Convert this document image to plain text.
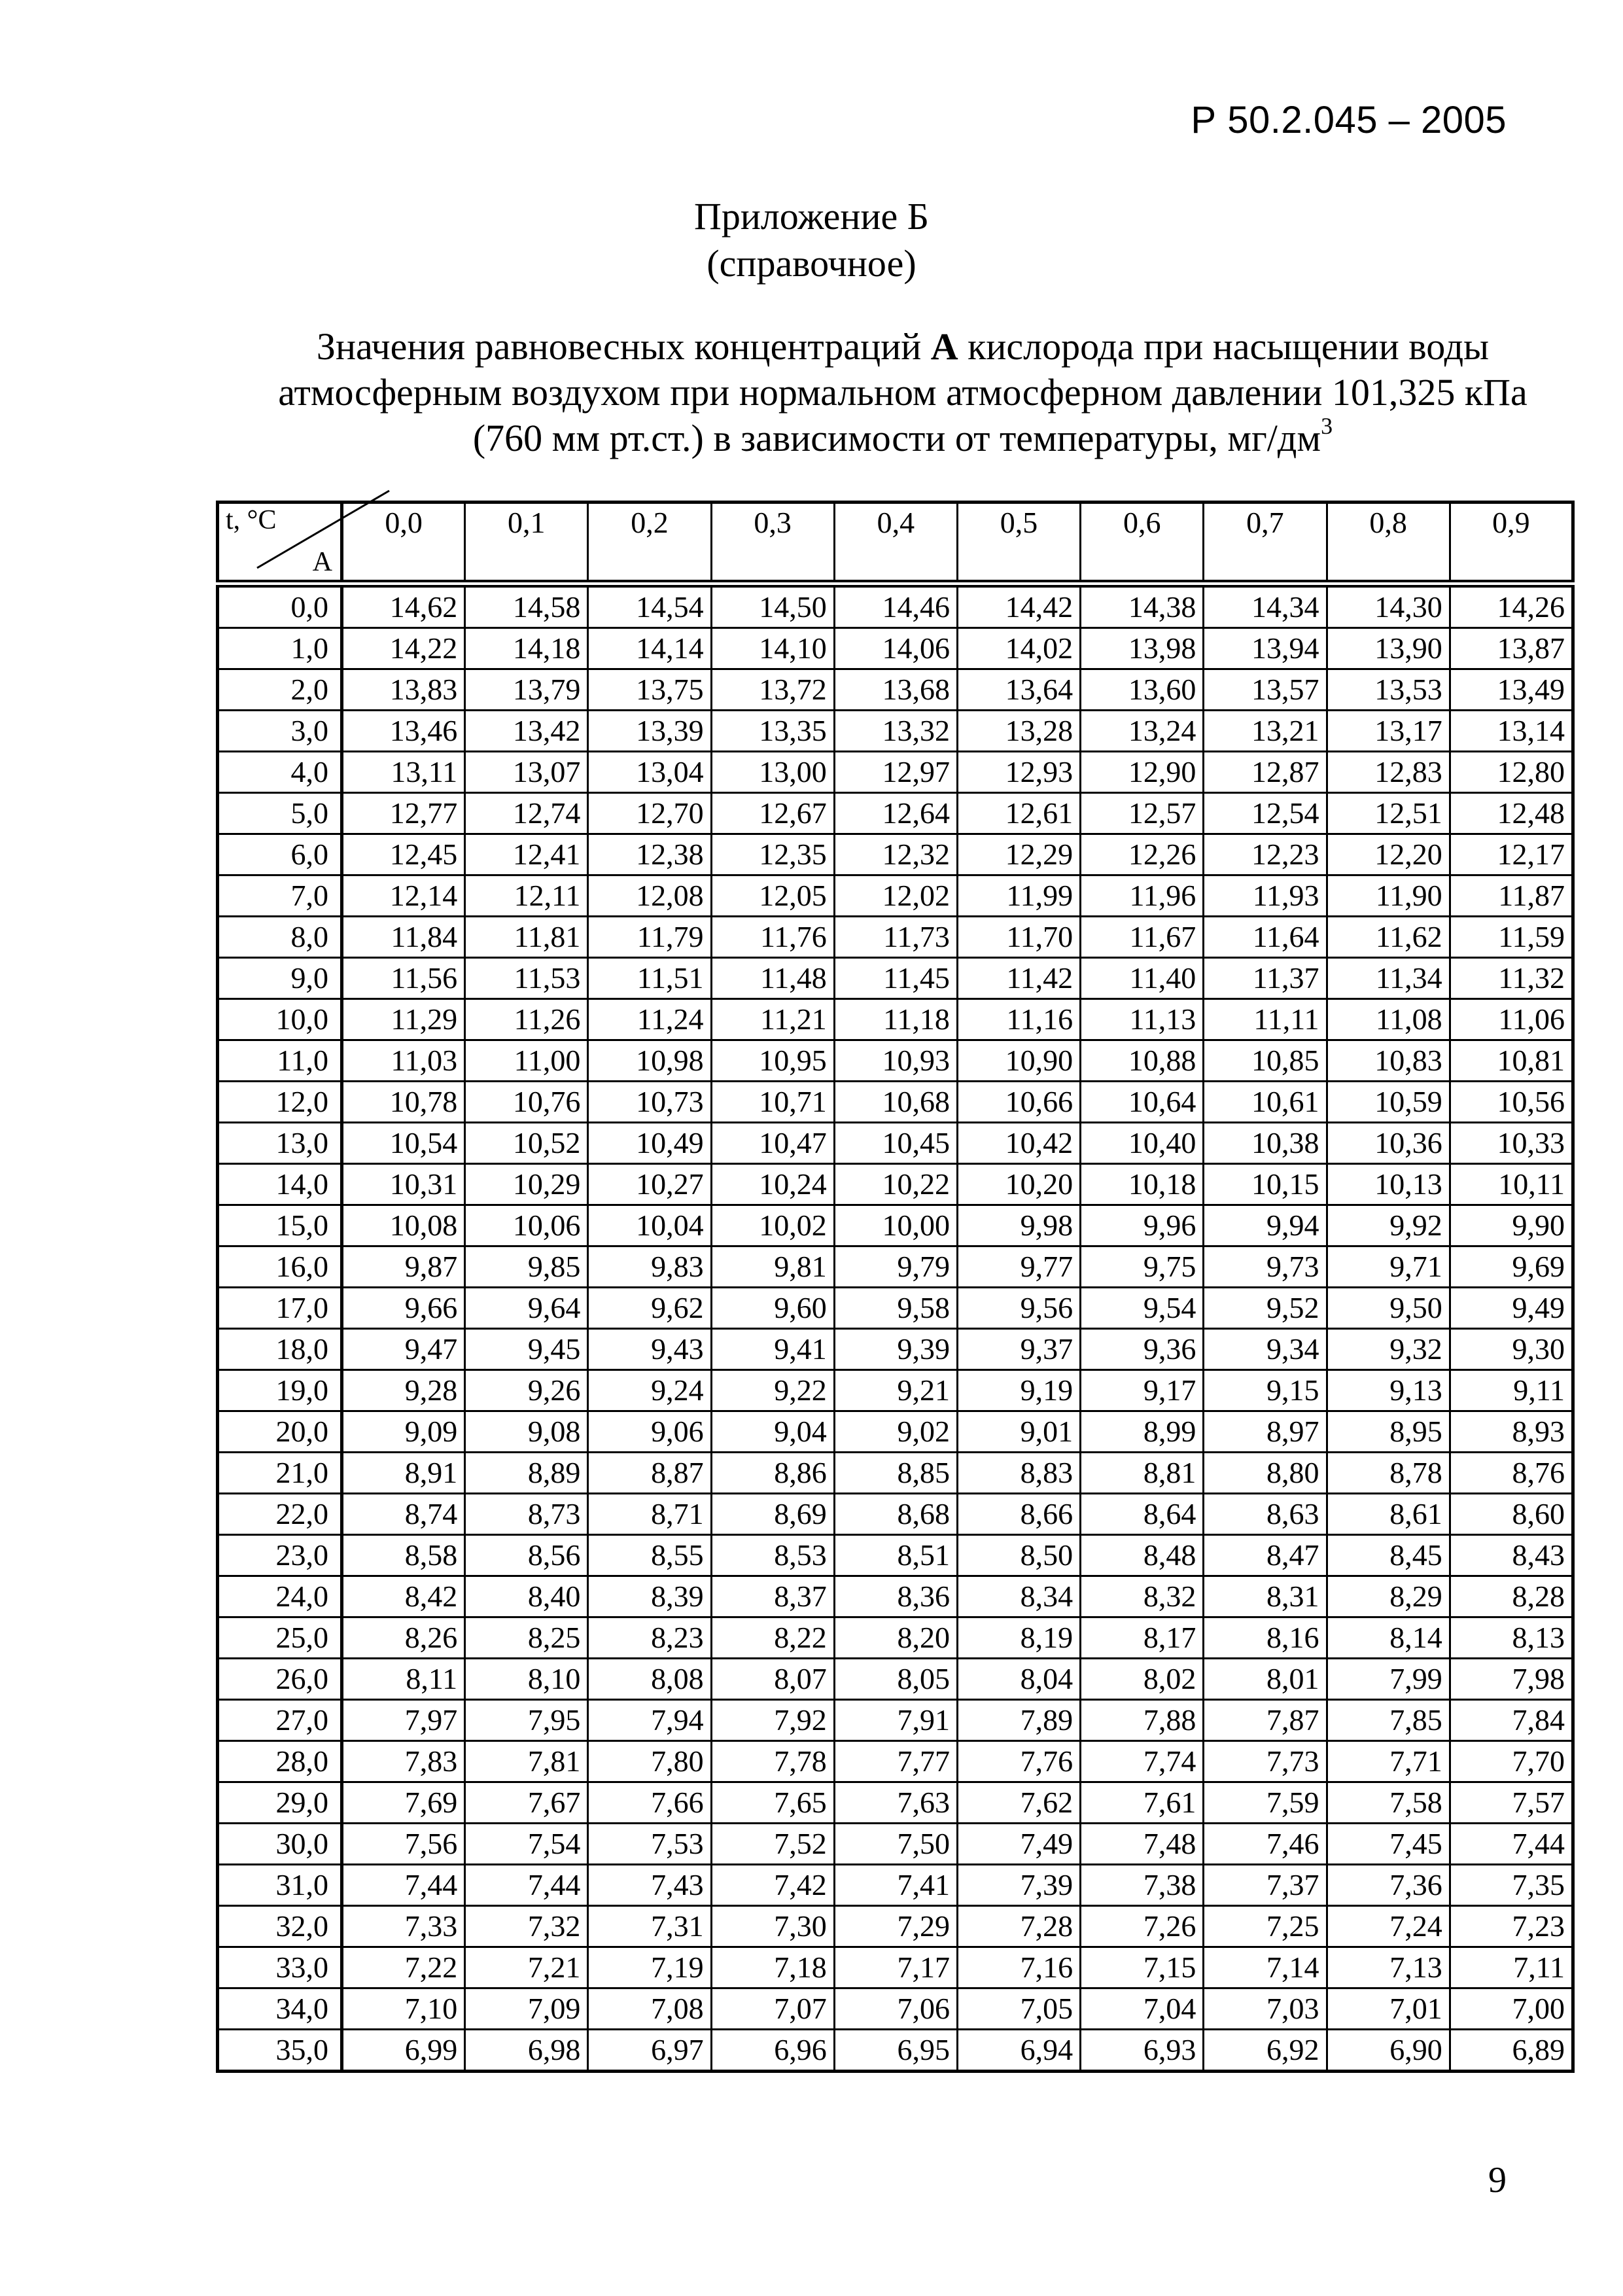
Р 50.2.045 – 2005
Приложение Б
(справочное)
Значения равновесных концентраций А кислорода при насыщении воды атмосферным воздухом при нормальном атмосферном давлении 101,325 кПа (760 мм рт.ст.) в зависимости от температуры, $мг/дм^3$
t, °C
А	0,0	0,1	0,2	0,3	0,4	0,5	0,6	0,7	0,8	0,9
0,0	14,62	14,58	14,54	14,50	14,46	14,42	14,38	14,34	14,30	14,26
1,0	14,22	14,18	14,14	14,10	14,06	14,02	13,98	13,94	13,90	13,87
2,0	13,83	13,79	13,75	13,72	13,68	13,64	13,60	13,57	13,53	13,49
3,0	13,46	13,42	13,39	13,35	13,32	13,28	13,24	13,21	13,17	13,14
4,0	13,11	13,07	13,04	13,00	12,97	12,93	12,90	12,87	12,83	12,80
5,0	12,77	12,74	12,70	12,67	12,64	12,61	12,57	12,54	12,51	12,48
6,0	12,45	12,41	12,38	12,35	12,32	12,29	12,26	12,23	12,20	12,17
7,0	12,14	12,11	12,08	12,05	12,02	11,99	11,96	11,93	11,90	11,87
8,0	11,84	11,81	11,79	11,76	11,73	11,70	11,67	11,64	11,62	11,59
9,0	11,56	11,53	11,51	11,48	11,45	11,42	11,40	11,37	11,34	11,32
10,0	11,29	11,26	11,24	11,21	11,18	11,16	11,13	11,11	11,08	11,06
11,0	11,03	11,00	10,98	10,95	10,93	10,90	10,88	10,85	10,83	10,81
12,0	10,78	10,76	10,73	10,71	10,68	10,66	10,64	10,61	10,59	10,56
13,0	10,54	10,52	10,49	10,47	10,45	10,42	10,40	10,38	10,36	10,33
14,0	10,31	10,29	10,27	10,24	10,22	10,20	10,18	10,15	10,13	10,11
15,0	10,08	10,06	10,04	10,02	10,00	9,98	9,96	9,94	9,92	9,90
16,0	9,87	9,85	9,83	9,81	9,79	9,77	9,75	9,73	9,71	9,69
17,0	9,66	9,64	9,62	9,60	9,58	9,56	9,54	9,52	9,50	9,49
18,0	9,47	9,45	9,43	9,41	9,39	9,37	9,36	9,34	9,32	9,30
19,0	9,28	9,26	9,24	9,22	9,21	9,19	9,17	9,15	9,13	9,11
20,0	9,09	9,08	9,06	9,04	9,02	9,01	8,99	8,97	8,95	8,93
21,0	8,91	8,89	8,87	8,86	8,85	8,83	8,81	8,80	8,78	8,76
22,0	8,74	8,73	8,71	8,69	8,68	8,66	8,64	8,63	8,61	8,60
23,0	8,58	8,56	8,55	8,53	8,51	8,50	8,48	8,47	8,45	8,43
24,0	8,42	8,40	8,39	8,37	8,36	8,34	8,32	8,31	8,29	8,28
25,0	8,26	8,25	8,23	8,22	8,20	8,19	8,17	8,16	8,14	8,13
26,0	8,11	8,10	8,08	8,07	8,05	8,04	8,02	8,01	7,99	7,98
27,0	7,97	7,95	7,94	7,92	7,91	7,89	7,88	7,87	7,85	7,84
28,0	7,83	7,81	7,80	7,78	7,77	7,76	7,74	7,73	7,71	7,70
29,0	7,69	7,67	7,66	7,65	7,63	7,62	7,61	7,59	7,58	7,57
30,0	7,56	7,54	7,53	7,52	7,50	7,49	7,48	7,46	7,45	7,44
31,0	7,44	7,44	7,43	7,42	7,41	7,39	7,38	7,37	7,36	7,35
32,0	7,33	7,32	7,31	7,30	7,29	7,28	7,26	7,25	7,24	7,23
33,0	7,22	7,21	7,19	7,18	7,17	7,16	7,15	7,14	7,13	7,11
34,0	7,10	7,09	7,08	7,07	7,06	7,05	7,04	7,03	7,01	7,00
35,0	6,99	6,98	6,97	6,96	6,95	6,94	6,93	6,92	6,90	6,89
9
